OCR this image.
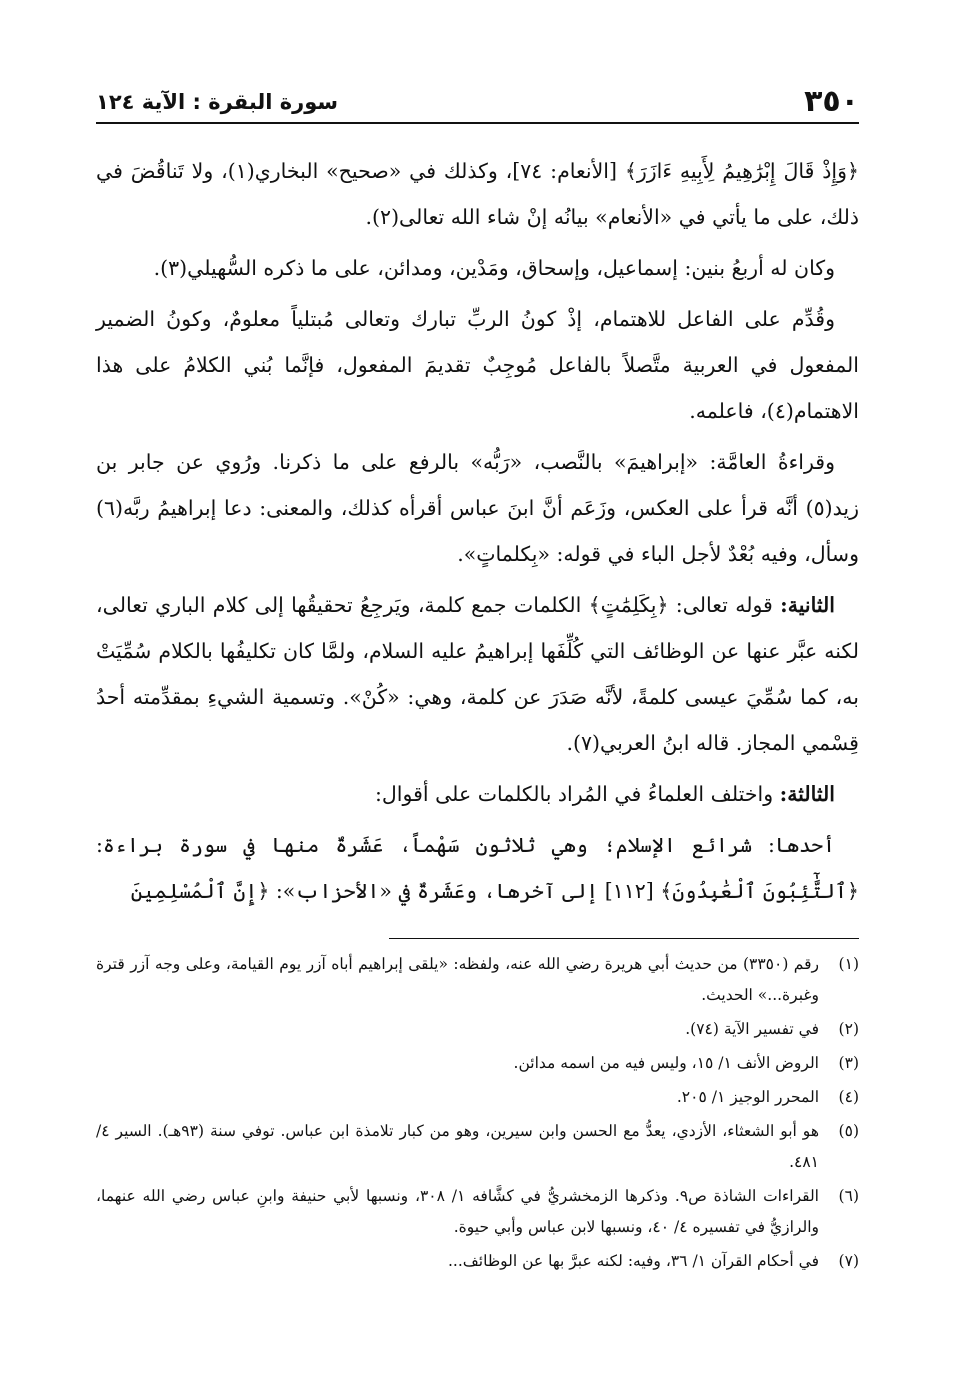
٣٥٠
سورة البقرة : الآية ١٢٤

﴿وَإِذْ قَالَ إِبْرَٰهِيمُ لِأَبِيهِ ءَازَرَ﴾ [الأنعام: ٧٤]، وكذلك في «صحيح» البخاري(١)، ولا تَناقُضَ في ذلك، على ما يأتي في «الأنعام» بيانُه إنْ شاء الله تعالى(٢).

وكان له أربعُ بنين: إسماعيل، وإسحاق، ومَدْين، ومدائن، على ما ذكره السُّهيلي(٣).

وقُدِّم على الفاعل للاهتمام، إذْ كونُ الربِّ تبارك وتعالى مُبتلياً معلومٌ، وكونُ الضمير المفعول في العربية متَّصلاً بالفاعل مُوجِبٌ تقديمَ المفعول، فإنَّما بُني الكلامُ على هذا الاهتمام(٤)، فاعلمه.

وقراءةُ العامَّة: «إبراهيمَ» بالنَّصب، «رَبُّه» بالرفع على ما ذكرنا. ورُوي عن جابر بن زيد(٥) أنَّه قرأ على العكس، وزَعَم أنَّ ابنَ عباس أقرأه كذلك، والمعنى: دعا إبراهيمُ ربَّه(٦) وسأل، وفيه بُعْدٌ لأجل الباء في قوله: «بِكلماتٍ».

الثانية: قوله تعالى: ﴿بِكَلِمَٰتٍ﴾ الكلمات جمع كلمة، ويَرجِعُ تحقيقُها إلى كلام الباري تعالى، لكنه عبَّر عنها عن الوظائف التي كُلِّفَها إبراهيمُ عليه السلام، ولمَّا كان تكليفُها بالكلام سُمِّيَتْ به، كما سُمِّيَ عيسى كلمةً، لأنَّه صَدَرَ عن كلمة، وهي: «كُنْ». وتسمية الشيءِ بمقدِّمته أحدُ قِسْمي المجاز. قاله ابنُ العربي(٧).

الثالثة: واختلف العلماءُ في المُراد بالكلمات على أقوال:

أحدها: شرائع الإسلام؛ وهي ثلاثون سَهْماً، عَشَرةٌ منها في سورة براءة: ﴿ٱلتَّٰٓئِبُونَ ٱلْعَٰبِدُونَ﴾ [١١٢] إلى آخرها، وعَشَرةٌ في «الأحزاب»: ﴿إِنَّ ٱلْمُسْلِمِينَ

(١)
رقم (٣٣٥٠) من حديث أبي هريرة رضي الله عنه، ولفظه: «يلقى إبراهيم أباه آزر يوم القيامة، وعلى وجه آزر قترة وغبرة...» الحديث.
(٢)
في تفسير الآية (٧٤).
(٣)
الروض الأنف ١/ ١٥، وليس فيه من اسمه مدائن.
(٤)
المحرر الوجيز ١/ ٢٠٥.
(٥)
هو أبو الشعثاء، الأزدي، يعدُّ مع الحسن وابن سيرين، وهو من كبار تلامذة ابن عباس. توفي سنة (٩٣هـ). السير ٤/ ٤٨١.
(٦)
القراءات الشاذة ص٩. وذكرها الزمخشريُّ في كشَّافه ١/ ٣٠٨، ونسبها لأبي حنيفة وابنِ عباس رضي الله عنهما، والرازيُّ في تفسيره ٤/ ٤٠، ونسبها لابن عباس وأبي حيوة.
(٧)
في أحكام القرآن ١/ ٣٦، وفيه: لكنه عبرَّ بها عن الوظائف...
